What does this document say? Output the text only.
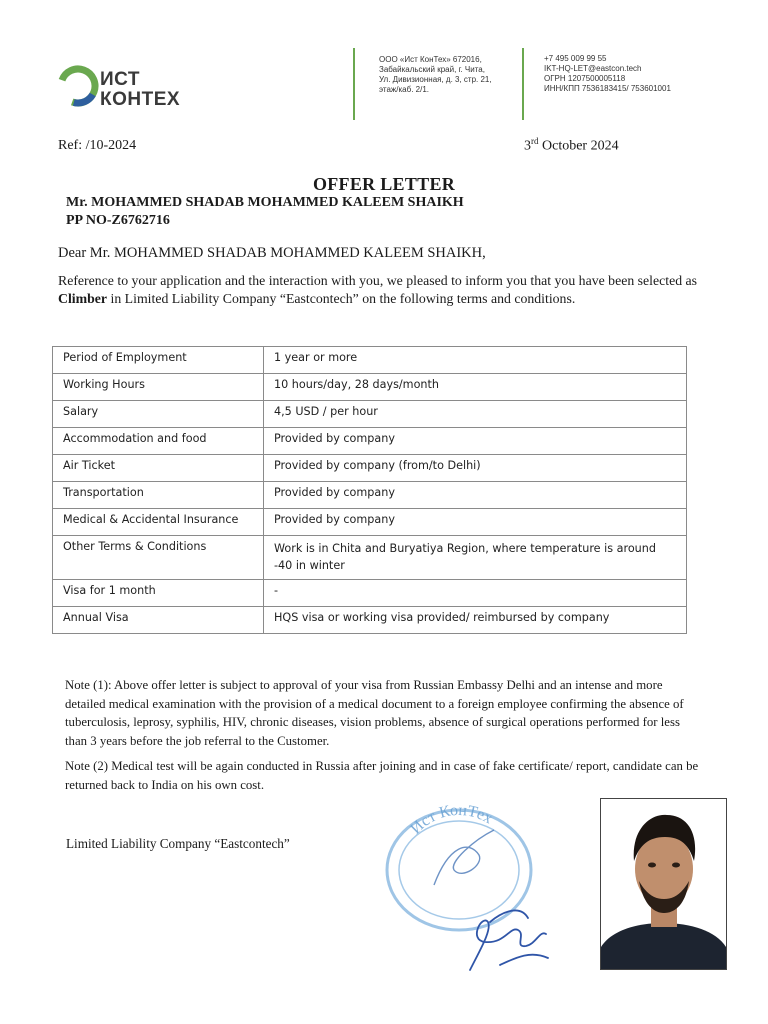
ИСТ
КОНТЕХ
ООО «Ист КонТех» 672016,
Забайкальский край, г. Чита,
Ул. Дивизионная, д. 3, стр. 21,
этаж/каб. 2/1.
+7 495 009 99 55
IKT-HQ-LET@eastcon.tech
ОГРН 1207500005118
ИНН/КПП 7536183415/ 753601001
Ref: /10-2024	3rd October 2024
OFFER LETTER
Mr. MOHAMMED SHADAB MOHAMMED KALEEM SHAIKH
PP NO-Z6762716
Dear Mr. MOHAMMED SHADAB MOHAMMED KALEEM SHAIKH,
Reference to your application and the interaction with you, we pleased to inform you that you have been selected as Climber in Limited Liability Company “Eastcontech” on the following terms and conditions.
Period of Employment	1 year or more
Working Hours	10 hours/day, 28 days/month
Salary	4,5 USD / per hour
Accommodation and food	Provided by company
Air Ticket	Provided by company (from/to Delhi)
Transportation	Provided by company
Medical & Accidental Insurance	Provided by company
Other Terms & Conditions	Work is in Chita and Buryatiya Region, where temperature is around -40 in winter
Visa for 1 month	-
Annual Visa	HQS visa or working visa provided/ reimbursed by company
Note (1): Above offer letter is subject to approval of your visa from Russian Embassy Delhi and an intense and more detailed medical examination with the provision of a medical document to a foreign employee confirming the absence of tuberculosis, leprosy, syphilis, HIV, chronic diseases, vision problems, absence of surgical operations performed for less than 3 years before the job referral to the Customer.
Note (2) Medical test will be again conducted in Russia after joining and in case of fake certificate/ report, candidate can be returned back to India on his own cost.
Limited Liability Company “Eastcontech”
Ист КонТех
